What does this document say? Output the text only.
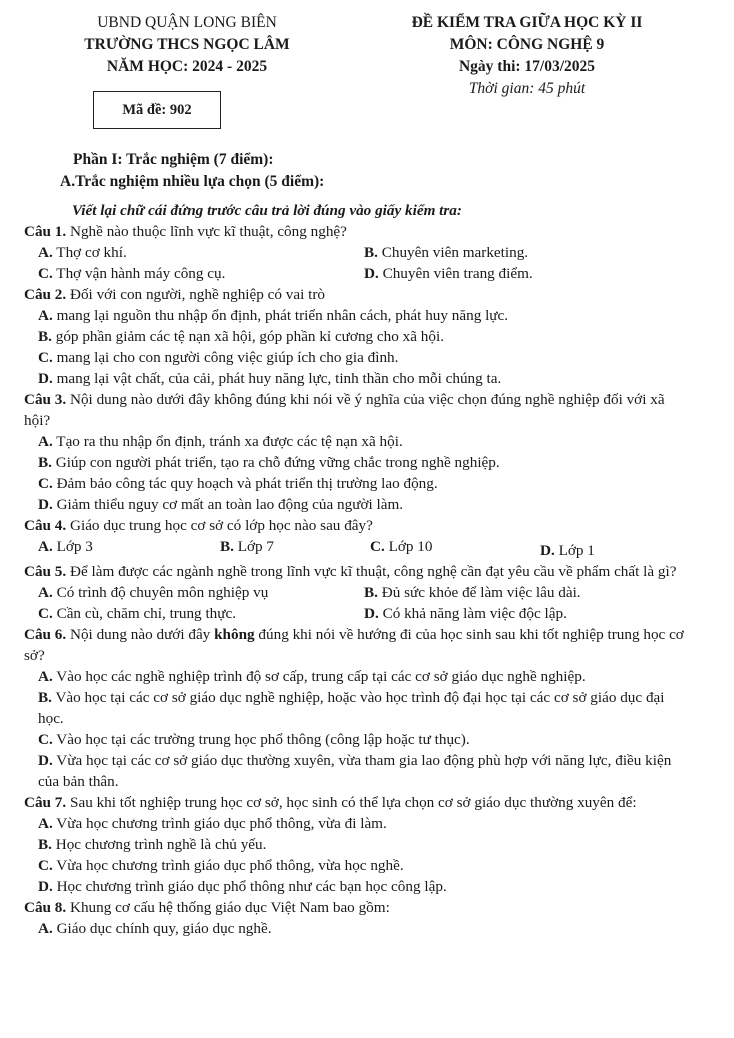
UBND QUẬN LONG BIÊN
TRƯỜNG THCS NGỌC LÂM
NĂM HỌC: 2024 - 2025
ĐỀ KIỂM TRA GIỮA HỌC KỲ II
MÔN: CÔNG NGHỆ 9
Ngày thi: 17/03/2025
Thời gian: 45 phút
Mã đề: 902
Phần I: Trắc nghiệm (7 điểm):
A.Trắc nghiệm nhiều lựa chọn (5 điểm):
Viết lại chữ cái đứng trước câu trả lời đúng vào giấy kiểm tra:
Câu 1. Nghề nào thuộc lĩnh vực kĩ thuật, công nghệ?
A. Thợ cơ khí.	B. Chuyên viên marketing.
C. Thợ vận hành máy công cụ.	D. Chuyên viên trang điểm.
Câu 2. Đối với con người, nghề nghiệp có vai trò
A. mang lại nguồn thu nhập ổn định, phát triển nhân cách, phát huy năng lực.
B. góp phần giảm các tệ nạn xã hội, góp phần kỉ cương cho xã hội.
C. mang lại cho con người công việc giúp ích cho gia đình.
D. mang lại vật chất, của cải, phát huy năng lực, tinh thần cho mỗi chúng ta.
Câu 3. Nội dung nào dưới đây không đúng khi nói về ý nghĩa của việc chọn đúng nghề nghiệp đối với xã hội?
A. Tạo ra thu nhập ổn định, tránh xa được các tệ nạn xã hội.
B. Giúp con người phát triển, tạo ra chỗ đứng vững chắc trong nghề nghiệp.
C. Đảm bảo công tác quy hoạch và phát triển thị trường lao động.
D. Giảm thiểu nguy cơ mất an toàn lao động của người làm.
Câu 4. Giáo dục trung học cơ sở có lớp học nào sau đây?
A. Lớp 3	B. Lớp 7	C. Lớp 10	D. Lớp 1
Câu 5. Để làm được các ngành nghề trong lĩnh vực kĩ thuật, công nghệ cần đạt yêu cầu về phẩm chất là gì?
A. Có trình độ chuyên môn nghiệp vụ	B. Đủ sức khỏe để làm việc lâu dài.
C. Cần cù, chăm chỉ, trung thực.	D. Có khả năng làm việc độc lập.
Câu 6. Nội dung nào dưới đây không đúng khi nói về hướng đi của học sinh sau khi tốt nghiệp trung học cơ sở?
A. Vào học các nghề nghiệp trình độ sơ cấp, trung cấp tại các cơ sở giáo dục nghề nghiệp.
B. Vào học tại các cơ sở giáo dục nghề nghiệp, hoặc vào học trình độ đại học tại các cơ sở giáo dục đại học.
C. Vào học tại các trường trung học phổ thông (công lập hoặc tư thục).
D. Vừa học tại các cơ sở giáo dục thường xuyên, vừa tham gia lao động phù hợp với năng lực, điều kiện của bản thân.
Câu 7. Sau khi tốt nghiệp trung học cơ sở, học sinh có thể lựa chọn cơ sở giáo dục thường xuyên để:
A. Vừa học chương trình giáo dục phổ thông, vừa đi làm.
B. Học chương trình nghề là chủ yếu.
C. Vừa học chương trình giáo dục phổ thông, vừa học nghề.
D. Học chương trình giáo dục phổ thông như các bạn học công lập.
Câu 8. Khung cơ cấu hệ thống giáo dục Việt Nam bao gồm:
A. Giáo dục chính quy, giáo dục nghề.
